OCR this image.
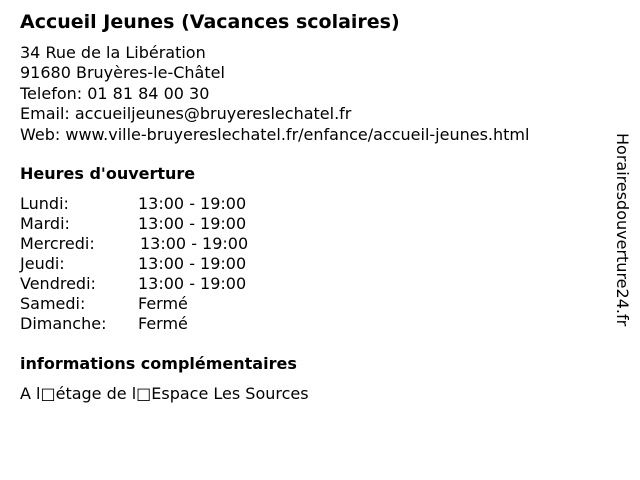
Accueil Jeunes (Vacances scolaires)
34 Rue de la Libération
91680 Bruyères-le-Châtel
Telefon: 01 81 84 00 30
Email: accueiljeunes@bruyereslechatel.fr
Web: www.ville-bruyereslechatel.fr/enfance/accueil-jeunes.html
Heures d'ouverture
Lundi:	13:00 - 19:00
Mardi:	13:00 - 19:00
Mercredi:	13:00 - 19:00
Jeudi:	13:00 - 19:00
Vendredi:	13:00 - 19:00
Samedi:	Fermé
Dimanche: Fermé
informations complémentaires
A l□étage de l□Espace Les Sources
Horairesdouverture24.fr
